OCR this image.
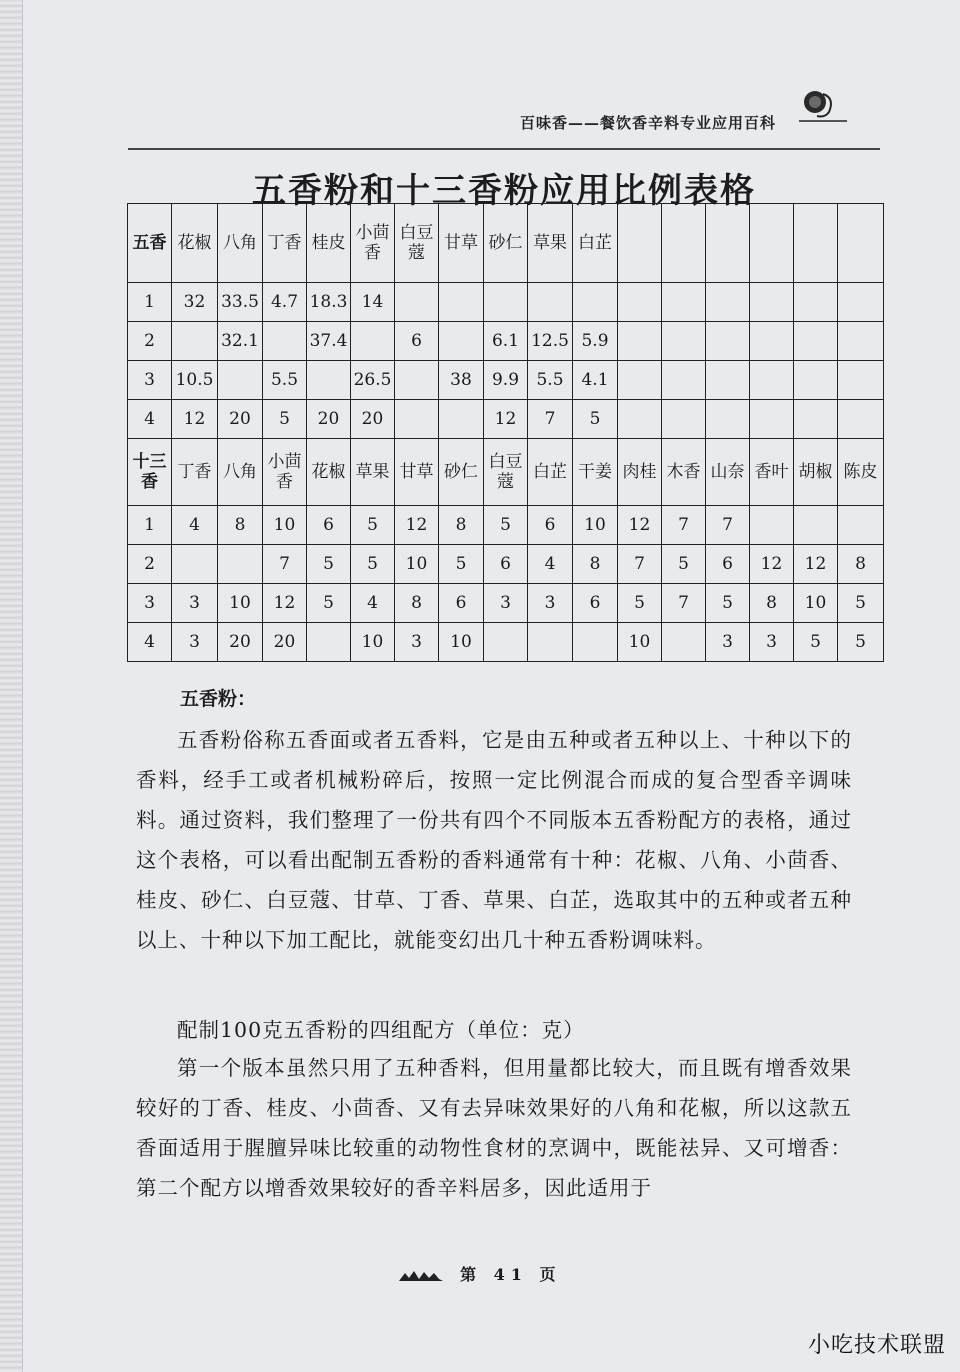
百味香——餐饮香辛料专业应用百科
五香粉和十三香粉应用比例表格
五香	花椒	八角	丁香	桂皮	小茴香	白豆蔻	甘草	砂仁	草果	白芷						
1	32	33.5	4.7	18.3	14											
2		32.1		37.4		6		6.1	12.5	5.9						
3	10.5		5.5		26.5		38	9.9	5.5	4.1						
4	12	20	5	20	20			12	7	5						
十三香	丁香	八角	小茴香	花椒	草果	甘草	砂仁	白豆蔻	白芷	干姜	肉桂	木香	山奈	香叶	胡椒	陈皮
1	4	8	10	6	5	12	8	5	6	10	12	7	7			
2			7	5	5	10	5	6	4	8	7	5	6	12	12	8
3	3	10	12	5	4	8	6	3	3	6	5	7	5	8	10	5
4	3	20	20		10	3	10				10		3	3	5	5
五香粉：
五香粉俗称五香面或者五香料，它是由五种或者五种以上、十种以下的香料，经手工或者机械粉碎后，按照一定比例混合而成的复合型香辛调味料。通过资料，我们整理了一份共有四个不同版本五香粉配方的表格，通过这个表格，可以看出配制五香粉的香料通常有十种：花椒、八角、小茴香、桂皮、砂仁、白豆蔻、甘草、丁香、草果、白芷，选取其中的五种或者五种以上、十种以下加工配比，就能变幻出几十种五香粉调味料。
配制100克五香粉的四组配方（单位：克）
第一个版本虽然只用了五种香料，但用量都比较大，而且既有增香效果较好的丁香、桂皮、小茴香、又有去异味效果好的八角和花椒，所以这款五香面适用于腥膻异味比较重的动物性食材的烹调中，既能祛异、又可增香：第二个配方以增香效果较好的香辛料居多，因此适用于
第 41 页
小吃技术联盟
